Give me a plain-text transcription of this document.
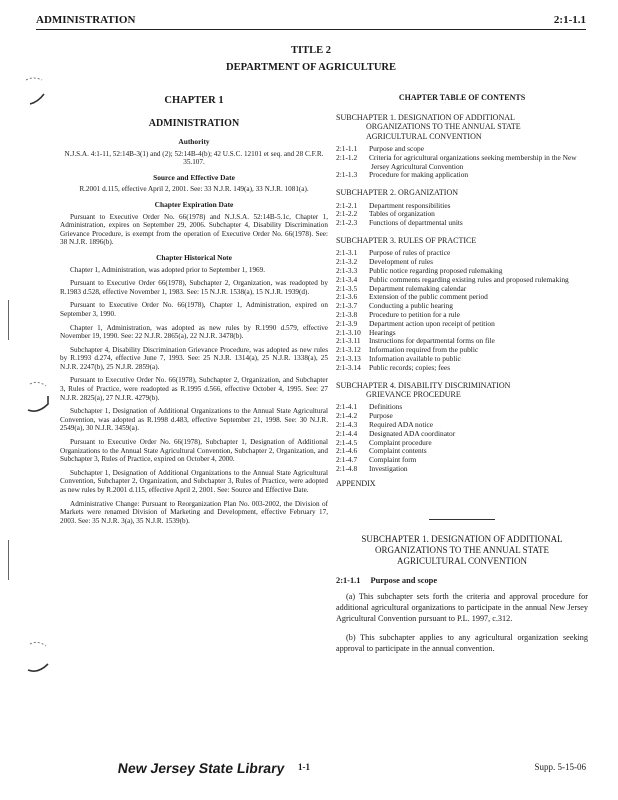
ADMINISTRATION	2:1-1.1
TITLE 2
DEPARTMENT OF AGRICULTURE
CHAPTER 1
ADMINISTRATION
Authority
N.J.S.A. 4:1-11, 52:14B-3(1) and (2); 52:14B-4(b); 42 U.S.C. 12101 et seq. and 28 C.F.R. 35.107.
Source and Effective Date
R.2001 d.115, effective April 2, 2001. See: 33 N.J.R. 149(a), 33 N.J.R. 1081(a).
Chapter Expiration Date
Pursuant to Executive Order No. 66(1978) and N.J.S.A. 52:14B-5.1c, Chapter 1, Administration, expires on September 29, 2006. Subchapter 4, Disability Discrimination Grievance Procedure, is exempt from the operation of Executive Order No. 66(1978). See: 38 N.J.R. 1896(b).
Chapter Historical Note
Chapter 1, Administration, was adopted prior to September 1, 1969.
Pursuant to Executive Order 66(1978), Subchapter 2, Organization, was readopted by R.1983 d.528, effective November 1, 1983. See: 15 N.J.R. 1538(a), 15 N.J.R. 1939(d).
Pursuant to Executive Order No. 66(1978), Chapter 1, Administration, expired on September 3, 1990.
Chapter 1, Administration, was adopted as new rules by R.1990 d.579, effective November 19, 1990. See: 22 N.J.R. 2865(a), 22 N.J.R. 3478(b).
Subchapter 4, Disability Discrimination Grievance Procedure, was adopted as new rules by R.1993 d.274, effective June 7, 1993. See: 25 N.J.R. 1314(a), 25 N.J.R. 1338(a), 25 N.J.R. 2247(b), 25 N.J.R. 2859(a).
Pursuant to Executive Order No. 66(1978), Subchapter 2, Organization, and Subchapter 3, Rules of Practice, were readopted as R.1995 d.566, effective October 4, 1995. See: 27 N.J.R. 2825(a), 27 N.J.R. 4279(b).
Subchapter 1, Designation of Additional Organizations to the Annual State Agricultural Convention, was adopted as R.1998 d.483, effective September 21, 1998. See: 30 N.J.R. 2549(a), 30 N.J.R. 3459(a).
Pursuant to Executive Order No. 66(1978), Subchapter 1, Designation of Additional Organizations to the Annual State Agricultural Convention, Subchapter 2, Organization, and Subchapter 3, Rules of Practice, expired on October 4, 2000.
Subchapter 1, Designation of Additional Organizations to the Annual State Agricultural Convention, Subchapter 2, Organization, and Subchapter 3, Rules of Practice, were adopted as new rules by R.2001 d.115, effective April 2, 2001. See: Source and Effective Date.
Administrative Change: Pursuant to Reorganization Plan No. 003-2002, the Division of Markets were renamed Division of Marketing and Development, effective February 17, 2003. See: 35 N.J.R. 3(a), 35 N.J.R. 1539(b).
CHAPTER TABLE OF CONTENTS
SUBCHAPTER 1. DESIGNATION OF ADDITIONAL
ORGANIZATIONS TO THE ANNUAL STATE
AGRICULTURAL CONVENTION
2:1-1.1	Purpose and scope
2:1-1.2	Criteria for agricultural organizations seeking membership in the New Jersey Agricultural Convention
2:1-1.3	Procedure for making application
SUBCHAPTER 2. ORGANIZATION
2:1-2.1	Department responsibilities
2:1-2.2	Tables of organization
2:1-2.3	Functions of departmental units
SUBCHAPTER 3. RULES OF PRACTICE
2:1-3.1	Purpose of rules of practice
2:1-3.2	Development of rules
2:1-3.3	Public notice regarding proposed rulemaking
2:1-3.4	Public comments regarding existing rules and proposed rulemaking
2:1-3.5	Department rulemaking calendar
2:1-3.6	Extension of the public comment period
2:1-3.7	Conducting a public hearing
2:1-3.8	Procedure to petition for a rule
2:1-3.9	Department action upon receipt of petition
2:1-3.10	Hearings
2:1-3.11	Instructions for departmental forms on file
2:1-3.12	Information required from the public
2:1-3.13	Information available to public
2:1-3.14	Public records; copies; fees
SUBCHAPTER 4. DISABILITY DISCRIMINATION
GRIEVANCE PROCEDURE
2:1-4.1	Definitions
2:1-4.2	Purpose
2:1-4.3	Required ADA notice
2:1-4.4	Designated ADA coordinator
2:1-4.5	Complaint procedure
2:1-4.6	Complaint contents
2:1-4.7	Complaint form
2:1-4.8	Investigation
APPENDIX
SUBCHAPTER 1. DESIGNATION OF ADDITIONAL
ORGANIZATIONS TO THE ANNUAL STATE
AGRICULTURAL CONVENTION
2:1-1.1 Purpose and scope
(a) This subchapter sets forth the criteria and approval procedure for additional agricultural organizations to participate in the annual New Jersey Agricultural Convention pursuant to P.L. 1997, c.312.
(b) This subchapter applies to any agricultural organization seeking approval to participate in the annual convention.
New Jersey State Library 1-1	Supp. 5-15-06
